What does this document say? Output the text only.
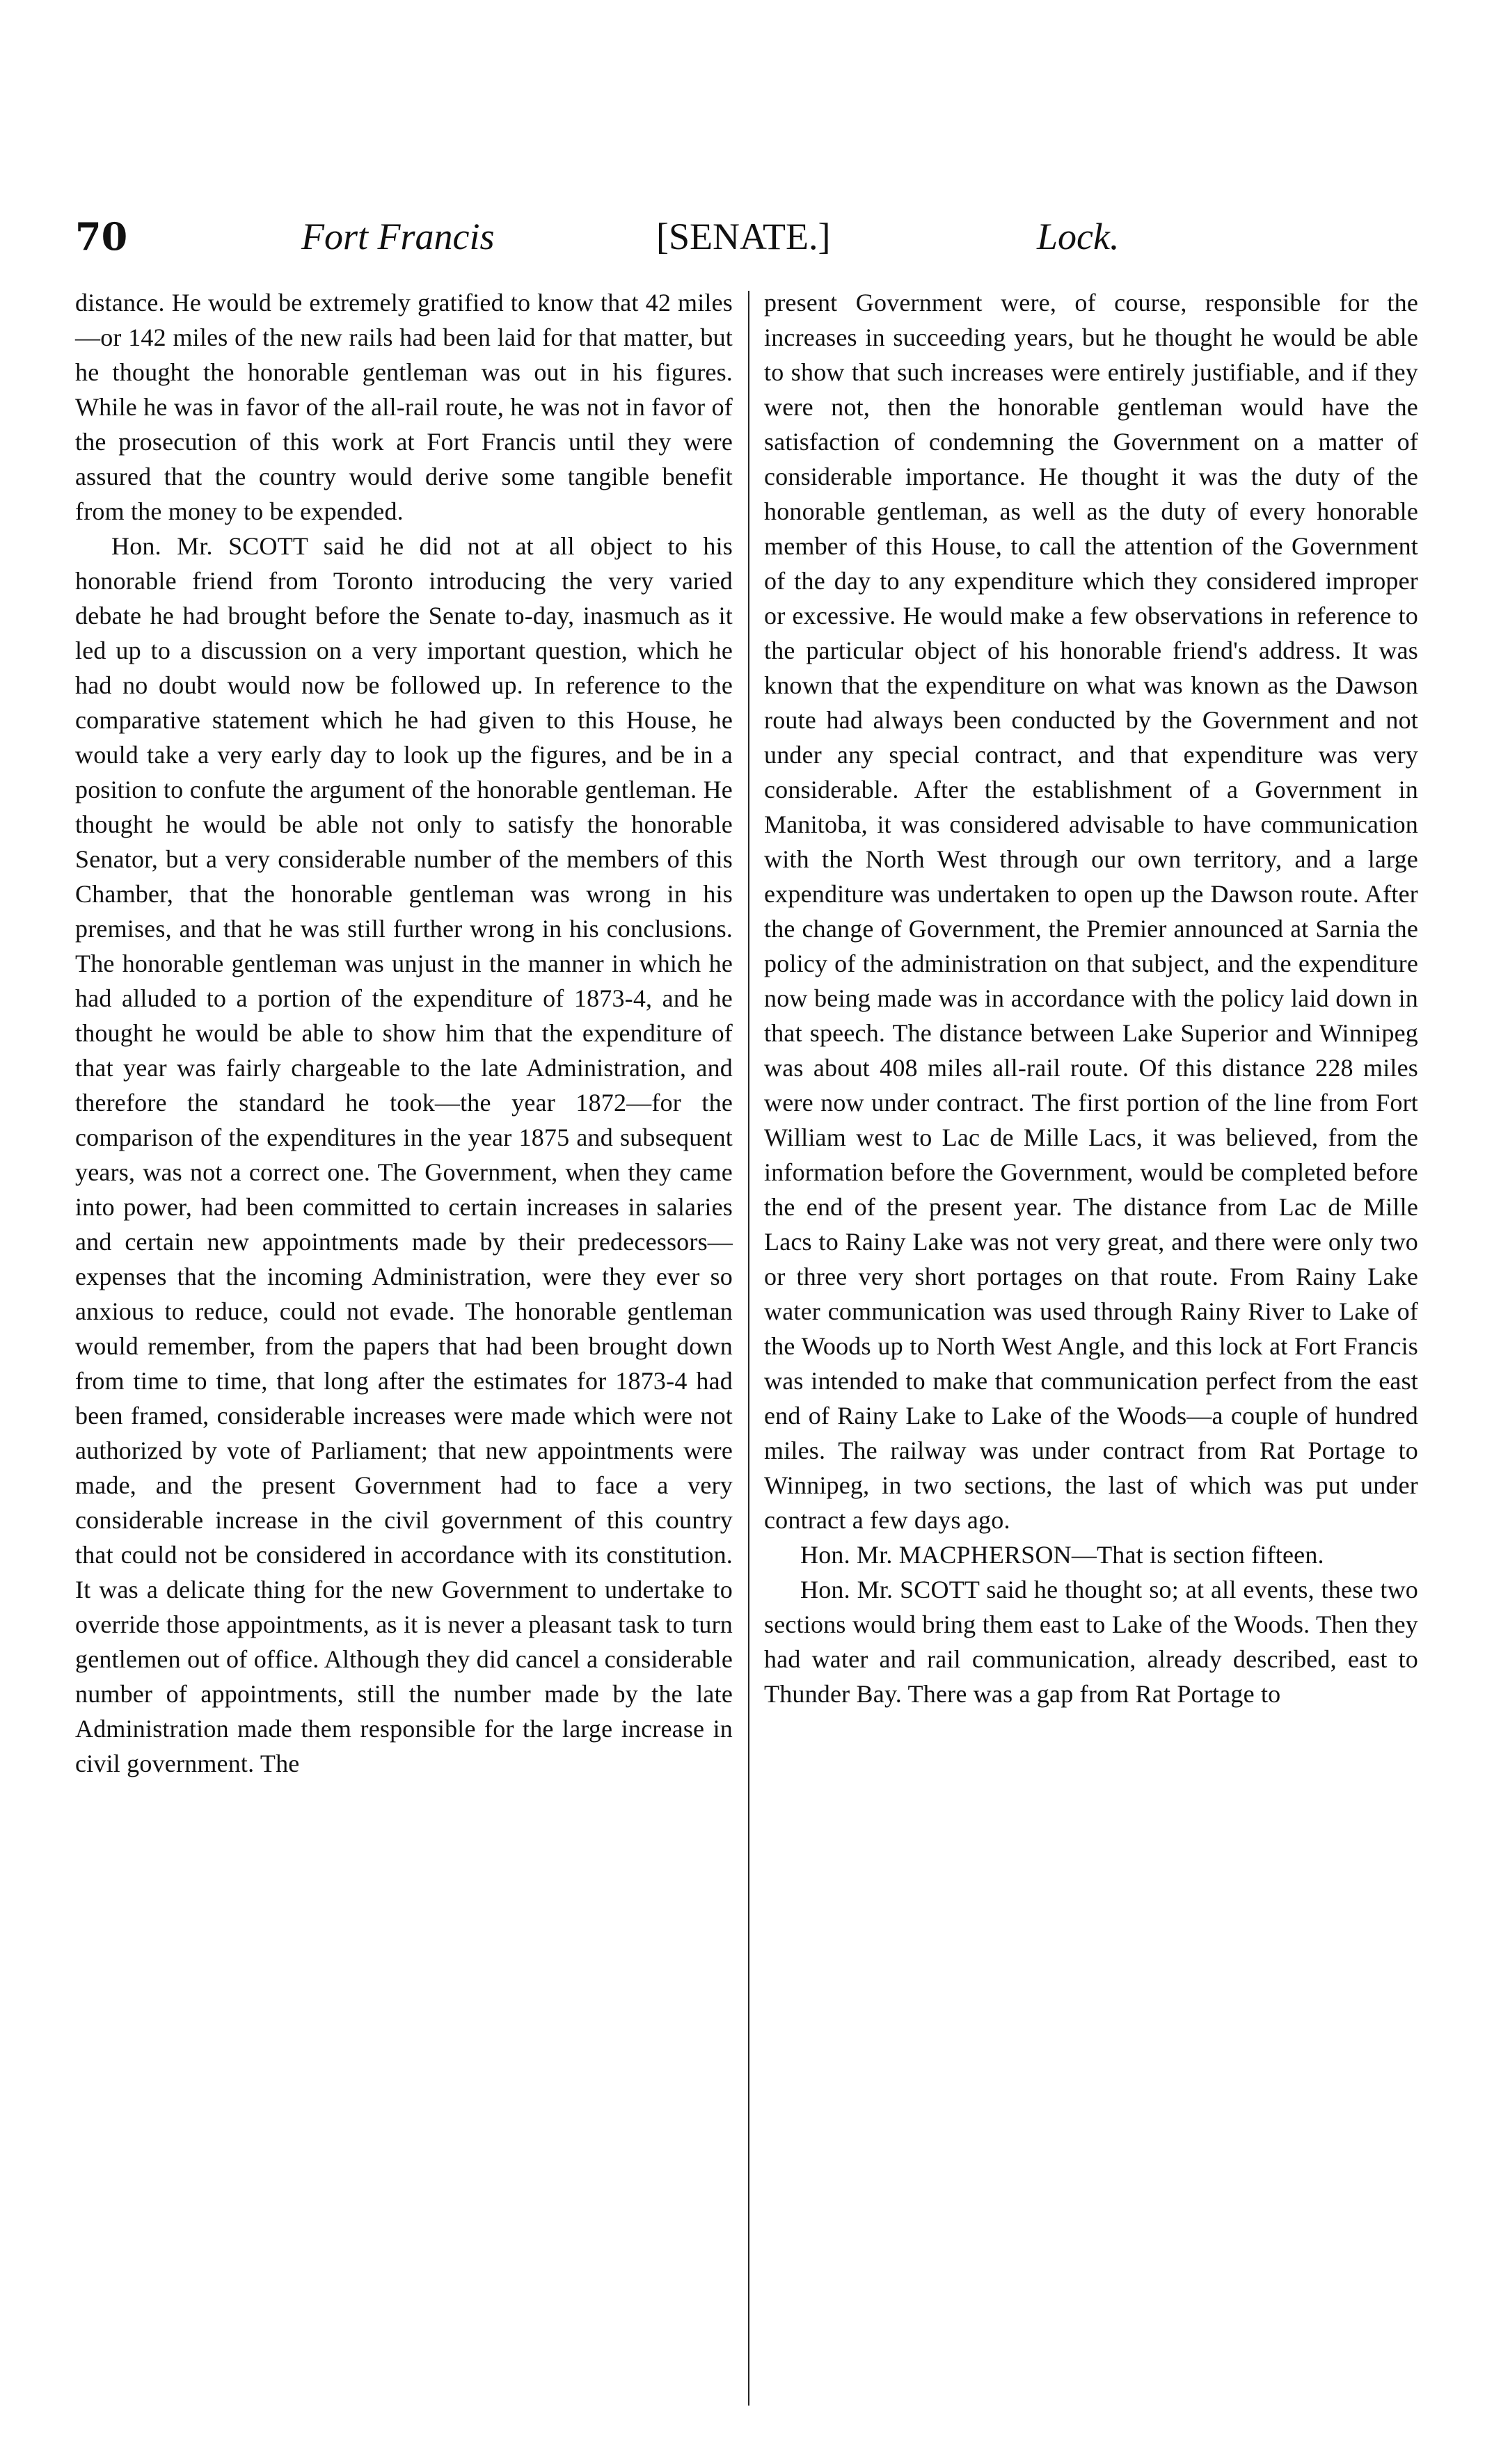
70	Fort Francis	[SENATE.]	Lock.

distance. He would be extremely gratified to know that 42 miles—or 142 miles of the new rails had been laid for that matter, but he thought the honorable gentleman was out in his figures. While he was in favor of the all-rail route, he was not in favor of the prosecution of this work at Fort Francis until they were assured that the country would derive some tangible benefit from the money to be expended.

Hon. Mr. SCOTT said he did not at all object to his honorable friend from Toronto introducing the very varied debate he had brought before the Senate to-day, inasmuch as it led up to a discussion on a very important question, which he had no doubt would now be followed up. In reference to the comparative statement which he had given to this House, he would take a very early day to look up the figures, and be in a position to confute the argument of the honorable gentleman. He thought he would be able not only to satisfy the honorable Senator, but a very considerable number of the members of this Chamber, that the honorable gentleman was wrong in his premises, and that he was still further wrong in his conclusions. The honorable gentleman was unjust in the manner in which he had alluded to a portion of the expenditure of 1873-4, and he thought he would be able to show him that the expenditure of that year was fairly chargeable to the late Administration, and therefore the standard he took—the year 1872—for the comparison of the expenditures in the year 1875 and subsequent years, was not a correct one. The Government, when they came into power, had been committed to certain increases in salaries and certain new appointments made by their predecessors—expenses that the incoming Administration, were they ever so anxious to reduce, could not evade. The honorable gentleman would remember, from the papers that had been brought down from time to time, that long after the estimates for 1873-4 had been framed, considerable increases were made which were not authorized by vote of Parliament; that new appointments were made, and the present Government had to face a very considerable increase in the civil government of this country that could not be considered in accordance with its constitution. It was a delicate thing for the new Government to undertake to override those appointments, as it is never a pleasant task to turn gentlemen out of office. Although they did cancel a considerable number of appointments, still the number made by the late Administration made them responsible for the large increase in civil government. The

present Government were, of course, responsible for the increases in succeeding years, but he thought he would be able to show that such increases were entirely justifiable, and if they were not, then the honorable gentleman would have the satisfaction of condemning the Government on a matter of considerable importance. He thought it was the duty of the honorable gentleman, as well as the duty of every honorable member of this House, to call the attention of the Government of the day to any expenditure which they considered improper or excessive. He would make a few observations in reference to the particular object of his honorable friend's address. It was known that the expenditure on what was known as the Dawson route had always been conducted by the Government and not under any special contract, and that expenditure was very considerable. After the establishment of a Government in Manitoba, it was considered advisable to have communication with the North West through our own territory, and a large expenditure was undertaken to open up the Dawson route. After the change of Government, the Premier announced at Sarnia the policy of the administration on that subject, and the expenditure now being made was in accordance with the policy laid down in that speech. The distance between Lake Superior and Winnipeg was about 408 miles all-rail route. Of this distance 228 miles were now under contract. The first portion of the line from Fort William west to Lac de Mille Lacs, it was believed, from the information before the Government, would be completed before the end of the present year. The distance from Lac de Mille Lacs to Rainy Lake was not very great, and there were only two or three very short portages on that route. From Rainy Lake water communication was used through Rainy River to Lake of the Woods up to North West Angle, and this lock at Fort Francis was intended to make that communication perfect from the east end of Rainy Lake to Lake of the Woods—a couple of hundred miles. The railway was under contract from Rat Portage to Winnipeg, in two sections, the last of which was put under contract a few days ago.

Hon. Mr. MACPHERSON—That is section fifteen.

Hon. Mr. SCOTT said he thought so; at all events, these two sections would bring them east to Lake of the Woods. Then they had water and rail communication, already described, east to Thunder Bay. There was a gap from Rat Portage to
